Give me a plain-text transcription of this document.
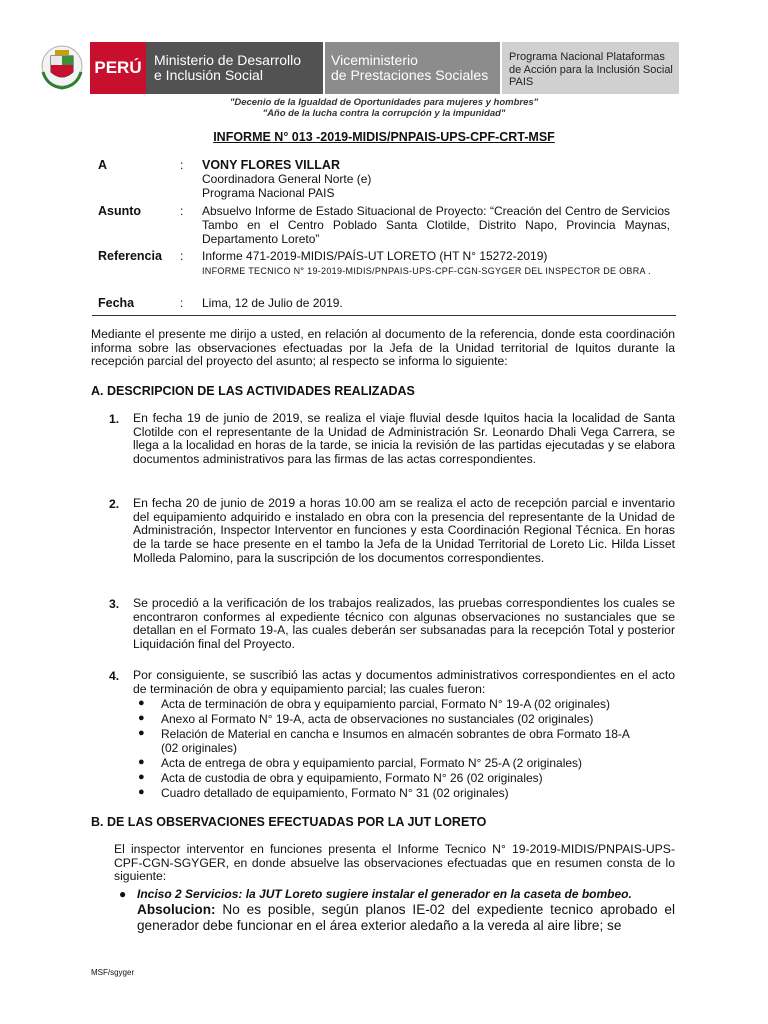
PERÚ Ministerio de Desarrollo
e Inclusión Social
Viceministerio
de Prestaciones Sociales
Programa Nacional Plataformas
de Acción para la Inclusión Social
PAIS
"Decenio de la Igualdad de Oportunidades para mujeres y hombres"
"Año de la lucha contra la corrupción y la impunidad"
INFORME N° 013 -2019-MIDIS/PNPAIS-UPS-CPF-CRT-MSF
A	: VONY FLORES VILLAR
Coordinadora General Norte (e)
Programa Nacional PAIS
Asunto	: Absuelvo Informe de Estado Situacional de Proyecto: “Creación del Centro de Servicios Tambo en el Centro Poblado Santa Clotilde, Distrito Napo, Provincia Maynas, Departamento Loreto”
Referencia : Informe 471-2019-MIDIS/PAÍS-UT LORETO (HT N° 15272-2019)
INFORME TECNICO N° 19-2019-MIDIS/PNPAIS-UPS-CPF-CGN-SGYGER DEL INSPECTOR DE OBRA .
Fecha	: Lima, 12 de Julio de 2019.
Mediante el presente me dirijo a usted, en relación al documento de la referencia, donde esta coordinación informa sobre las observaciones efectuadas por la Jefa de la Unidad territorial de Iquitos durante la recepción parcial del proyecto del asunto; al respecto se informa lo siguiente:
A. DESCRIPCION DE LAS ACTIVIDADES REALIZADAS
1. En fecha 19 de junio de 2019, se realiza el viaje fluvial desde Iquitos hacia la localidad de Santa Clotilde con el representante de la Unidad de Administración Sr. Leonardo Dhali Vega Carrera, se llega a la localidad en horas de la tarde, se inicia la revisión de las partidas ejecutadas y se elabora documentos administrativos para las firmas de las actas correspondientes.
2. En fecha 20 de junio de 2019 a horas 10.00 am se realiza el acto de recepción parcial e inventario del equipamiento adquirido e instalado en obra con la presencia del representante de la Unidad de Administración, Inspector Interventor en funciones y esta Coordinación Regional Técnica. En horas de la tarde se hace presente en el tambo la Jefa de la Unidad Territorial de Loreto Lic. Hilda Lisset Molleda Palomino, para la suscripción de los documentos correspondientes.
3. Se procedió a la verificación de los trabajos realizados, las pruebas correspondientes los cuales se encontraron conformes al expediente técnico con algunas observaciones no sustanciales que se detallan en el Formato 19-A, las cuales deberán ser subsanadas para la recepción Total y posterior Liquidación final del Proyecto.
4. Por consiguiente, se suscribió las actas y documentos administrativos correspondientes en el acto de terminación de obra y equipamiento parcial; las cuales fueron:
● Acta de terminación de obra y equipamiento parcial, Formato N° 19-A (02 originales)
● Anexo al Formato N° 19-A, acta de observaciones no sustanciales (02 originales)
● Relación de Material en cancha e Insumos en almacén sobrantes de obra Formato 18-A (02 originales)
● Acta de entrega de obra y equipamiento parcial, Formato N° 25-A (2 originales)
● Acta de custodia de obra y equipamiento, Formato N° 26 (02 originales)
● Cuadro detallado de equipamiento, Formato N° 31 (02 originales)
B. DE LAS OBSERVACIONES EFECTUADAS POR LA JUT LORETO
El inspector interventor en funciones presenta el Informe Tecnico N° 19-2019-MIDIS/PNPAIS-UPS-CPF-CGN-SGYGER, en donde absuelve las observaciones efectuadas que en resumen consta de lo siguiente:
● Inciso 2 Servicios: la JUT Loreto sugiere instalar el generador en la caseta de bombeo.
Absolucion: No es posible, según planos IE-02 del expediente tecnico aprobado el generador debe funcionar en el área exterior aledaño a la vereda al aire libre; se
MSF/sgyger
